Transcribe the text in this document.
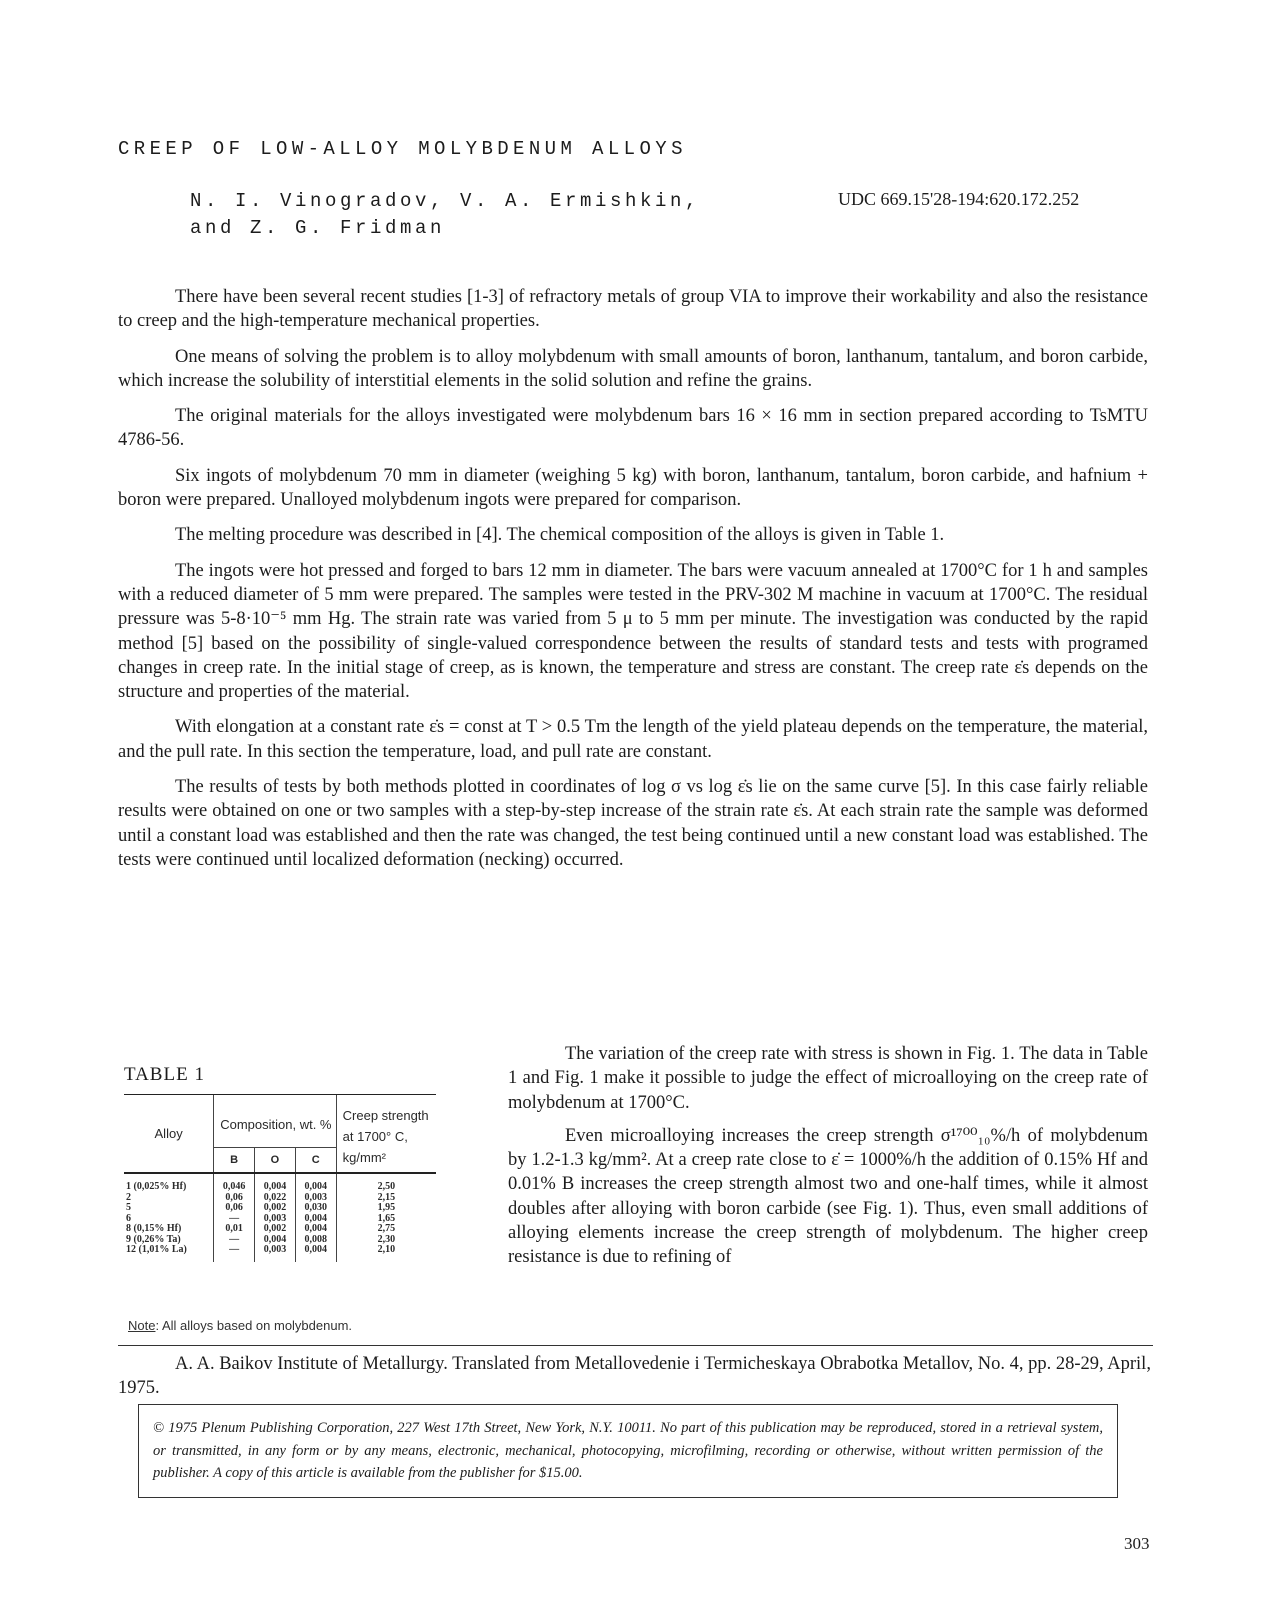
CREEP OF LOW-ALLOY MOLYBDENUM ALLOYS
N. I. Vinogradov, V. A. Ermishkin,
and Z. G. Fridman
UDC 669.15'28-194:620.172.252

There have been several recent studies [1-3] of refractory metals of group VIA to improve their workability and also the resistance to creep and the high-temperature mechanical properties.

One means of solving the problem is to alloy molybdenum with small amounts of boron, lanthanum, tantalum, and boron carbide, which increase the solubility of interstitial elements in the solid solution and refine the grains.

The original materials for the alloys investigated were molybdenum bars 16 × 16 mm in section prepared according to TsMTU 4786-56.

Six ingots of molybdenum 70 mm in diameter (weighing 5 kg) with boron, lanthanum, tantalum, boron carbide, and hafnium + boron were prepared. Unalloyed molybdenum ingots were prepared for comparison.

The melting procedure was described in [4]. The chemical composition of the alloys is given in Table 1.

The ingots were hot pressed and forged to bars 12 mm in diameter. The bars were vacuum annealed at 1700°C for 1 h and samples with a reduced diameter of 5 mm were prepared. The samples were tested in the PRV-302 M machine in vacuum at 1700°C. The residual pressure was 5-8·10⁻⁵ mm Hg. The strain rate was varied from 5 μ to 5 mm per minute. The investigation was conducted by the rapid method [5] based on the possibility of single-valued correspondence between the results of standard tests and tests with programed changes in creep rate. In the initial stage of creep, as is known, the temperature and stress are constant. The creep rate ε̇s depends on the structure and properties of the material.

With elongation at a constant rate ε̇s = const at T > 0.5 Tm the length of the yield plateau depends on the temperature, the material, and the pull rate. In this section the temperature, load, and pull rate are constant.

The results of tests by both methods plotted in coordinates of log σ vs log ε̇s lie on the same curve [5]. In this case fairly reliable results were obtained on one or two samples with a step-by-step increase of the strain rate ε̇s. At each strain rate the sample was deformed until a constant load was established and then the rate was changed, the test being continued until a new constant load was established. The tests were continued until localized deformation (necking) occurred.

TABLE 1
Alloy	Composition, wt. %			Creep strength at 1700° C, kg/mm²
	B	O	C	
1 (0,025% Hf)	0,046	0,004	0,004	2,50
2	0,06	0,022	0,003	2,15
5	0,06	0,002	0,030	1,95
6	—	0,003	0,004	1,65
8 (0,15% Hf)	0,01	0,002	0,004	2,75
9 (0,26% Ta)	—	0,004	0,008	2,30
12 (1,01% La)	—	0,003	0,004	2,10
Note: All alloys based on molybdenum.

The variation of the creep rate with stress is shown in Fig. 1. The data in Table 1 and Fig. 1 make it possible to judge the effect of microalloying on the creep rate of molybdenum at 1700°C.

Even microalloying increases the creep strength σ¹⁷⁰⁰₁₀%/h of molybdenum by 1.2-1.3 kg/mm². At a creep rate close to ε̇ = 1000%/h the addition of 0.15% Hf and 0.01% B increases the creep strength almost two and one-half times, while it almost doubles after alloying with boron carbide (see Fig. 1). Thus, even small additions of alloying elements increase the creep strength of molybdenum. The higher creep resistance is due to refining of

A. A. Baikov Institute of Metallurgy. Translated from Metallovedenie i Termicheskaya Obrabotka Metallov, No. 4, pp. 28-29, April, 1975.

© 1975 Plenum Publishing Corporation, 227 West 17th Street, New York, N.Y. 10011. No part of this publication may be reproduced, stored in a retrieval system, or transmitted, in any form or by any means, electronic, mechanical, photocopying, microfilming, recording or otherwise, without written permission of the publisher. A copy of this article is available from the publisher for $15.00.
303
